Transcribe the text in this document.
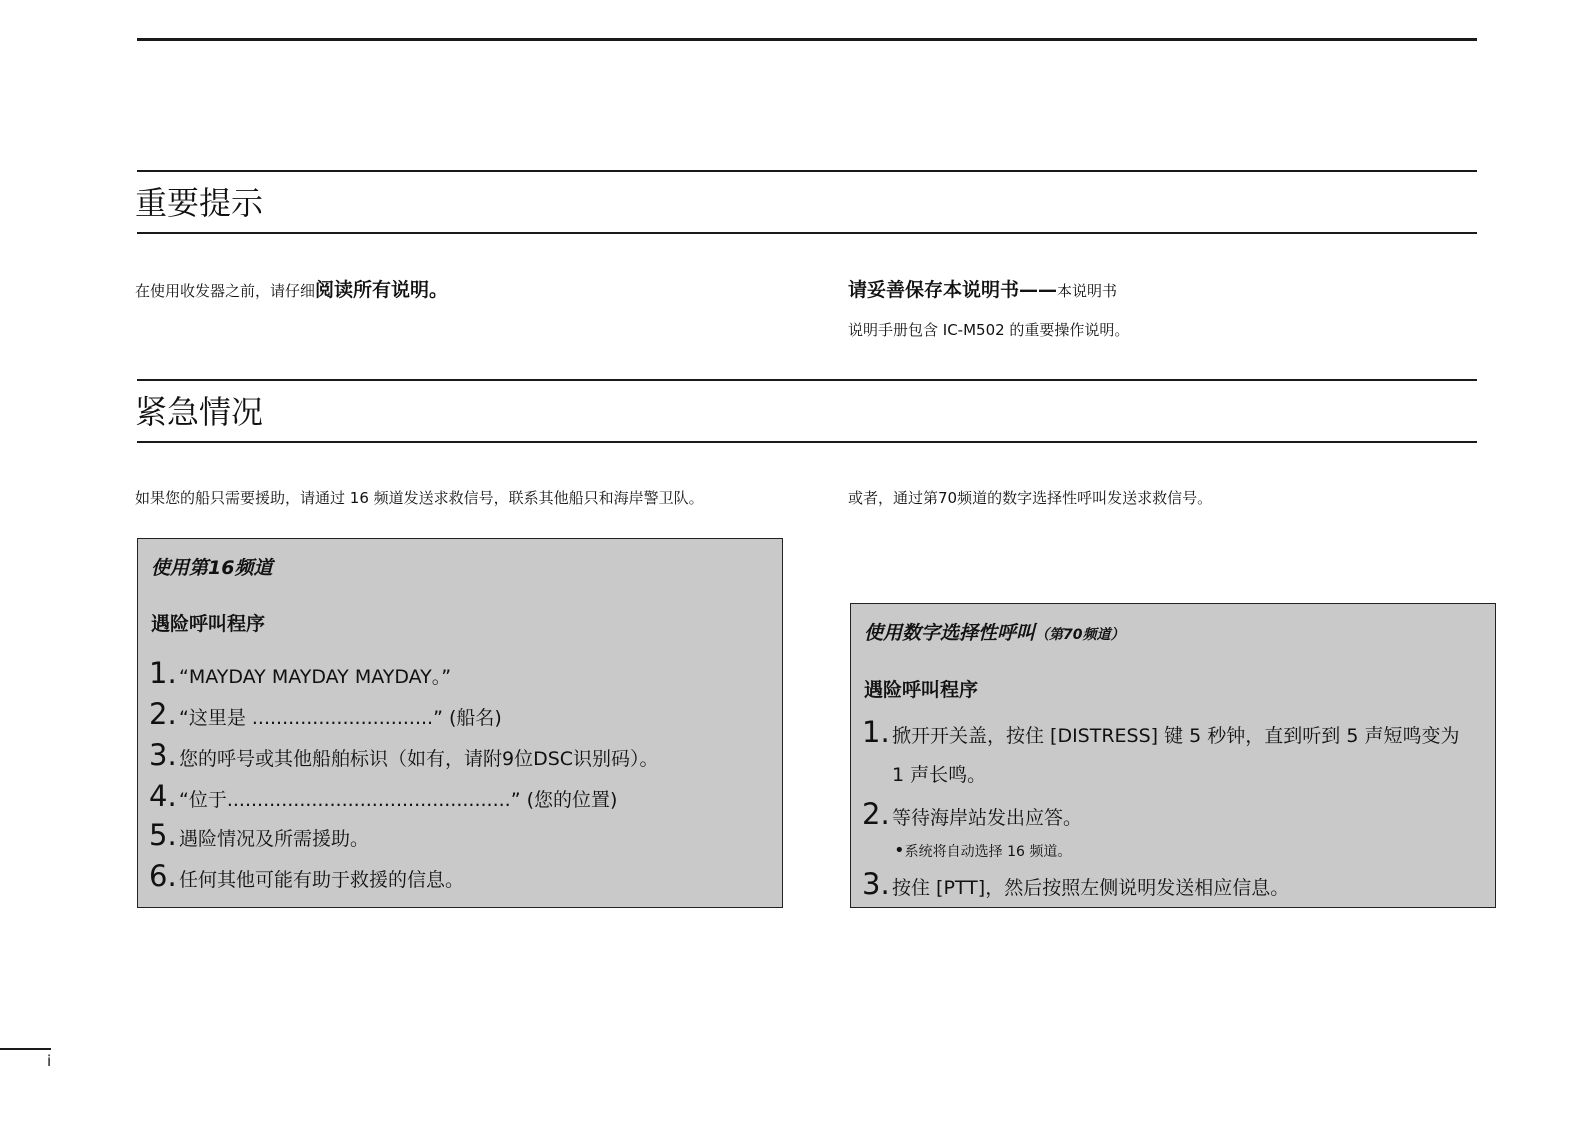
重要提示
在使用收发器之前，请仔细阅读所有说明。	请妥善保存本说明书——本说明书
说明手册包含 IC-M502 的重要操作说明。
紧急情况
如果您的船只需要援助，请通过 16 频道发送求救信号，联系其他船只和海岸警卫队。	或者，通过第70频道的数字选择性呼叫发送求救信号。
使用第16频道
遇险呼叫程序
1. “MAYDAY MAYDAY MAYDAY。”
2. “这里是 ..............................” (船名)
3. 您的呼号或其他船舶标识（如有，请附9位DSC识别码）。
4. “位于...............................................” (您的位置)
5. 遇险情况及所需援助。
6. 任何其他可能有助于救援的信息。
使用数字选择性呼叫（第70频道）
遇险呼叫程序
1. 掀开开关盖，按住 [DISTRESS] 键 5 秒钟，直到听到 5 声短鸣变为
1 声长鸣。
2. 等待海岸站发出应答。
•系统将自动选择 16 频道。
3. 按住 [PTT]，然后按照左侧说明发送相应信息。
i
